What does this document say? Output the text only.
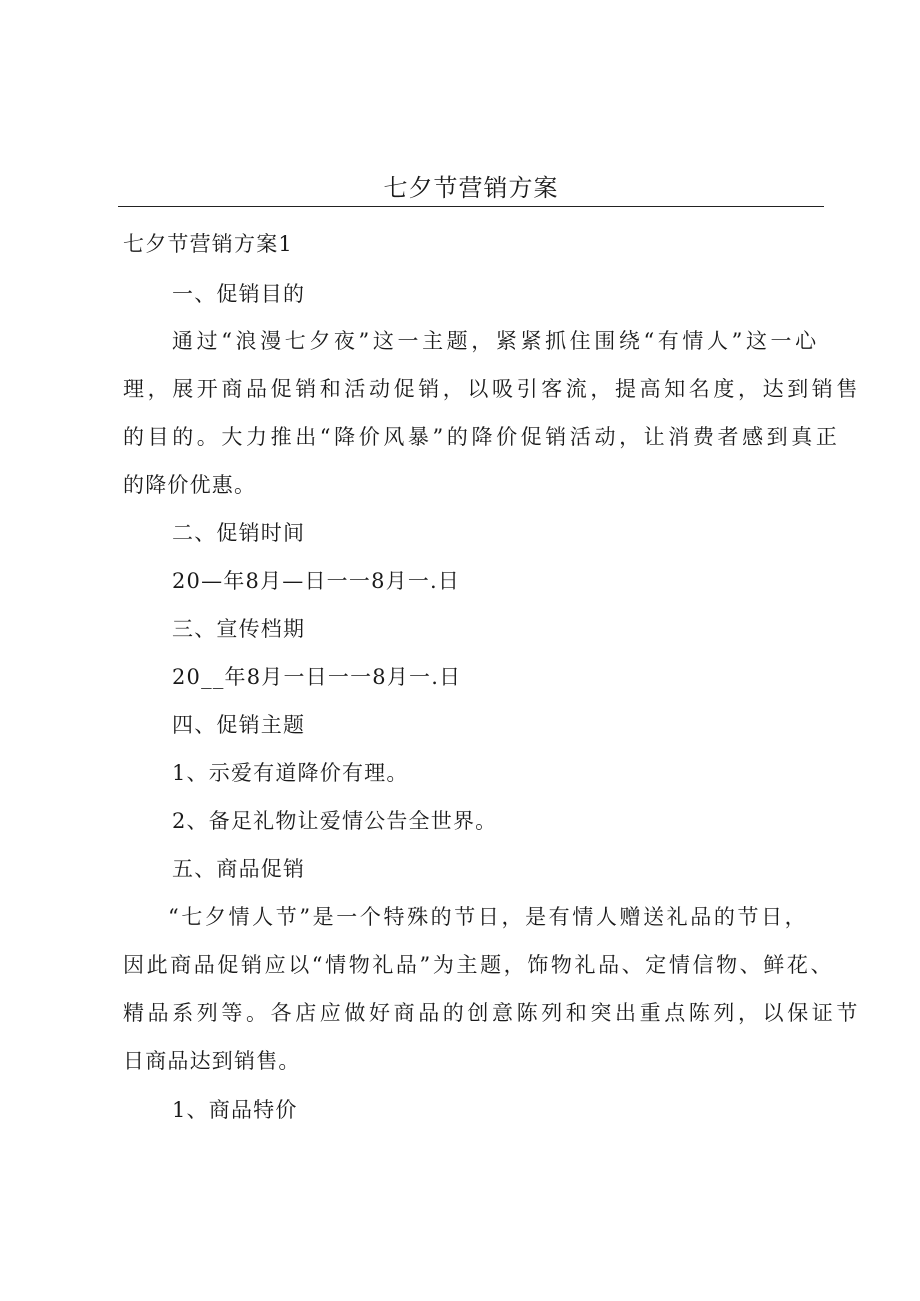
七夕节营销方案
七夕节营销方案1
一、促销目的
通过“浪漫七夕夜”这一主题，紧紧抓住围绕“有情人”这一心
理，展开商品促销和活动促销，以吸引客流，提高知名度，达到销售
的目的。大力推出“降价风暴”的降价促销活动，让消费者感到真正
的降价优惠。
二、促销时间
20—年8月—日一一8月一.日
三、宣传档期
20__年8月一日一一8月一.日
四、促销主题
1、示爱有道降价有理。
2、备足礼物让爱情公告全世界。
五、商品促销
“七夕情人节”是一个特殊的节日，是有情人赠送礼品的节日，
因此商品促销应以“情物礼品”为主题，饰物礼品、定情信物、鲜花、
精品系列等。各店应做好商品的创意陈列和突出重点陈列，以保证节
日商品达到销售。
1、商品特价
